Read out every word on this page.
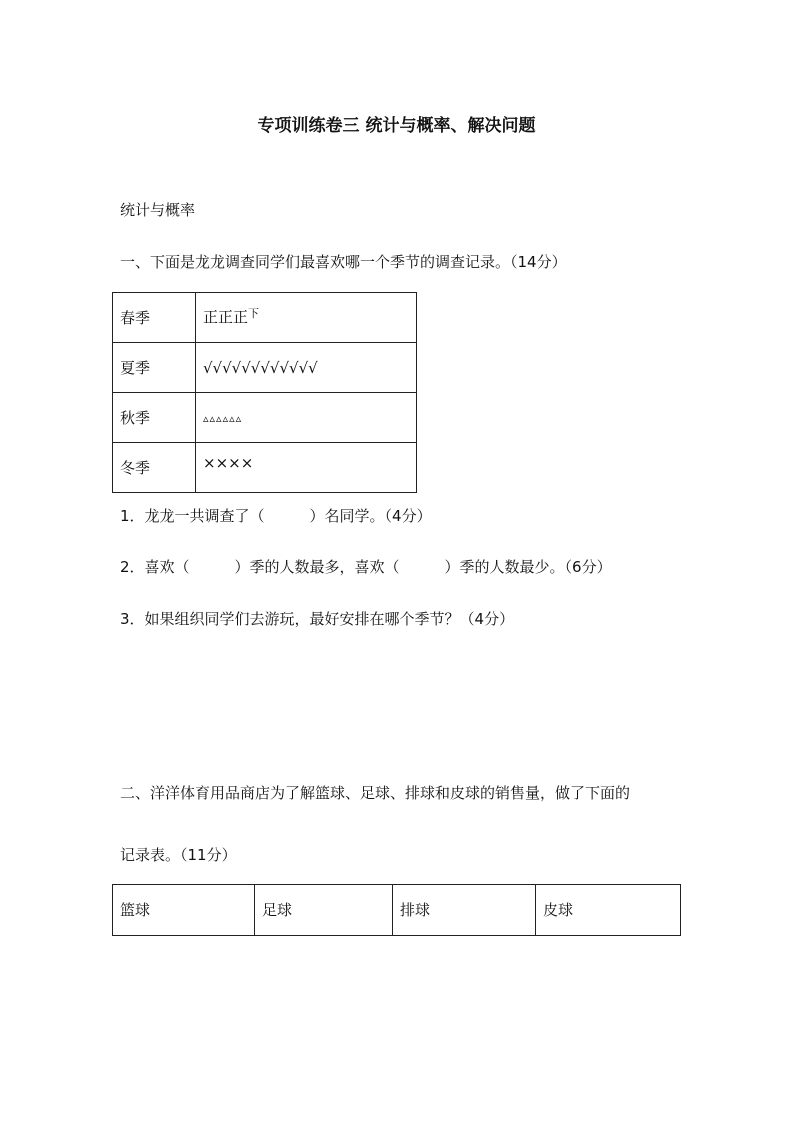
专项训练卷三 统计与概率、解决问题
统计与概率
一、下面是龙龙调查同学们最喜欢哪一个季节的调查记录。（14分）
春季	正正正$^下$
夏季	√√√√√√√√√√√√
秋季	▵▵▵▵▵▵
冬季	××××
1．龙龙一共调查了（　　　）名同学。（4分）
2．喜欢（　　　）季的人数最多，喜欢（　　　）季的人数最少。（6分）
3．如果组织同学们去游玩，最好安排在哪个季节？（4分）
二、洋洋体育用品商店为了解篮球、足球、排球和皮球的销售量，做了下面的
记录表。（11分）
篮球	足球	排球	皮球
